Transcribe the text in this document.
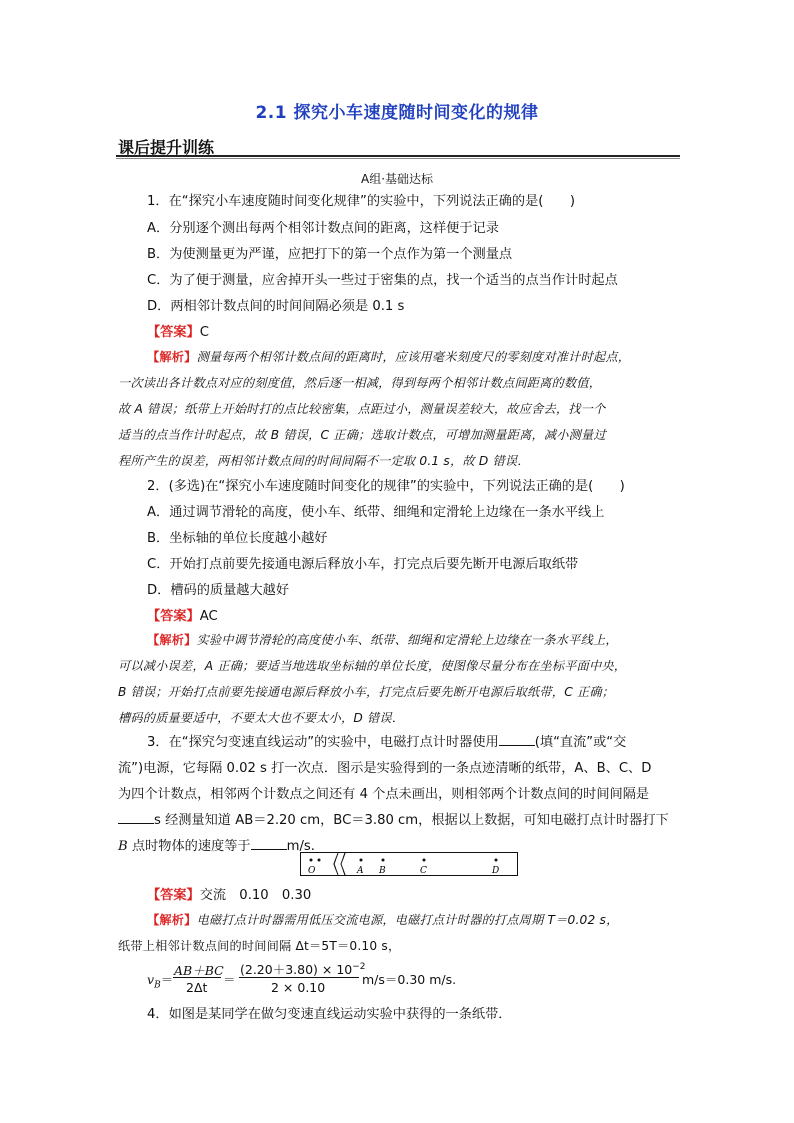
2.1 探究小车速度随时间变化的规律
课后提升训练
A组·基础达标
1．在“探究小车速度随时间变化规律”的实验中，下列说法正确的是(　　)
A．分别逐个测出每两个相邻计数点间的距离，这样便于记录
B．为使测量更为严谨，应把打下的第一个点作为第一个测量点
C．为了便于测量，应舍掉开头一些过于密集的点，找一个适当的点当作计时起点
D．两相邻计数点间的时间间隔必须是 0.1 s
【答案】C
【解析】测量每两个相邻计数点间的距离时，应该用毫米刻度尺的零刻度对准计时起点，
一次读出各计数点对应的刻度值，然后逐一相减，得到每两个相邻计数点间距离的数值，
故 A 错误；纸带上开始时打的点比较密集，点距过小，测量误差较大，故应舍去，找一个
适当的点当作计时起点，故 B 错误，C 正确；选取计数点，可增加测量距离，减小测量过
程所产生的误差，两相邻计数点间的时间间隔不一定取 0.1 s，故 D 错误．
2．(多选)在“探究小车速度随时间变化的规律”的实验中，下列说法正确的是(　　)
A．通过调节滑轮的高度，使小车、纸带、细绳和定滑轮上边缘在一条水平线上
B．坐标轴的单位长度越小越好
C．开始打点前要先接通电源后释放小车，打完点后要先断开电源后取纸带
D．槽码的质量越大越好
【答案】AC
【解析】实验中调节滑轮的高度使小车、纸带、细绳和定滑轮上边缘在一条水平线上，
可以减小误差，A 正确；要适当地选取坐标轴的单位长度，使图像尽量分布在坐标平面中央，
B 错误；开始打点前要先接通电源后释放小车，打完点后要先断开电源后取纸带，C 正确；
槽码的质量要适中，不要太大也不要太小，D 错误．
3．在“探究匀变速直线运动”的实验中，电磁打点计时器使用	(填“直流”或“交
流”)电源，它每隔 0.02 s 打一次点．图示是实验得到的一条点迹清晰的纸带，A、B、C、D
为四个计数点，相邻两个计数点之间还有 4 个点未画出，则相邻两个计数点间的时间间隔是
s 经测量知道 AB＝2.20 cm，BC＝3.80 cm，根据以上数据，可知电磁打点计时器打下
B 点时物体的速度等于	m/s.
O	A B	C	D
【答案】交流　0.10　0.30
【解析】电磁打点计时器需用低压交流电源，电磁打点计时器的打点周期 T＝0.02 s，
纸带上相邻计数点间的时间间隔 Δt＝5T＝0.10 s，
$v_B=$
AB＋BC
2Δt
＝
$(2.20+3.80) \times 10^{-2}$
2 × 0.10
m/s＝0.30 m/s.
4．如图是某同学在做匀变速直线运动实验中获得的一条纸带．
